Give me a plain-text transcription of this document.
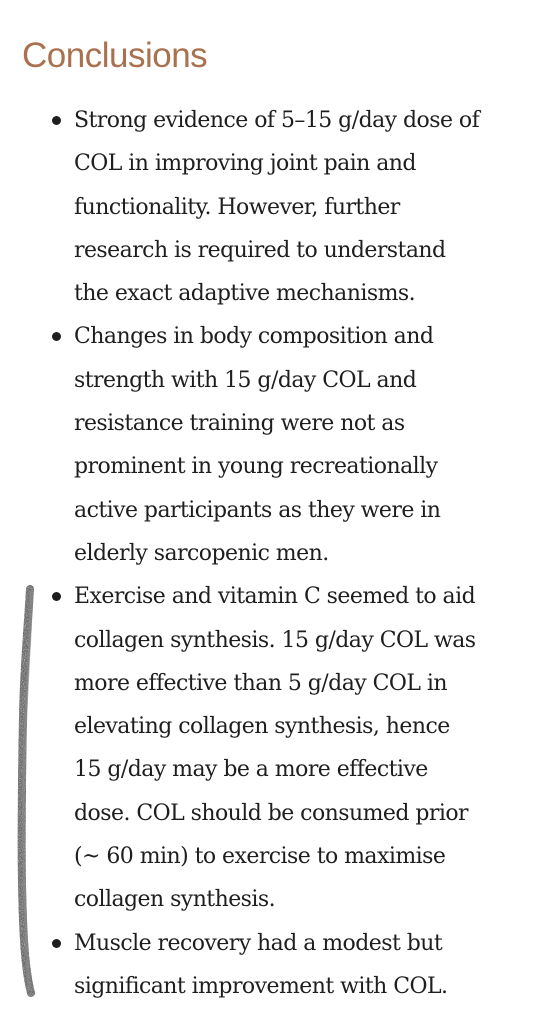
Conclusions
Strong evidence of 5–15 g/day dose of
COL in improving joint pain and
functionality. However, further
research is required to understand
the exact adaptive mechanisms.
Changes in body composition and
strength with 15 g/day COL and
resistance training were not as
prominent in young recreationally
active participants as they were in
elderly sarcopenic men.
Exercise and vitamin C seemed to aid
collagen synthesis. 15 g/day COL was
more effective than 5 g/day COL in
elevating collagen synthesis, hence
15 g/day may be a more effective
dose. COL should be consumed prior
(~ 60 min) to exercise to maximise
collagen synthesis.
Muscle recovery had a modest but
significant improvement with COL.
